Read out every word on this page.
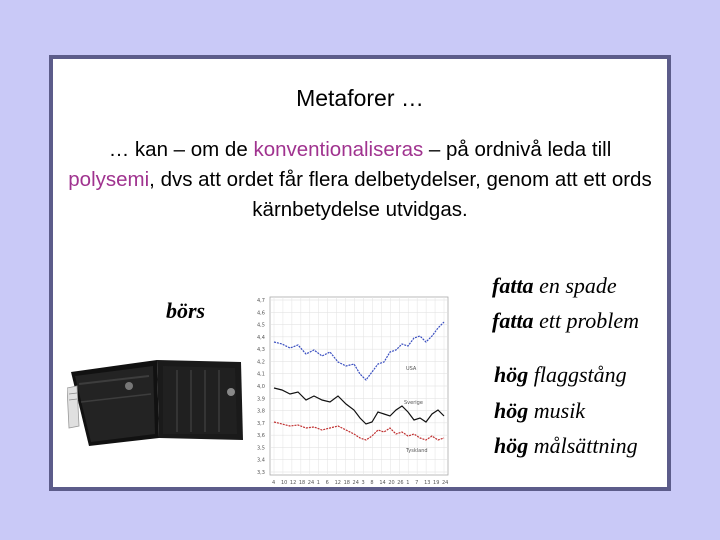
Metaforer …
… kan – om de konventionaliseras – på ordnivå leda till polysemi, dvs att ordet får flera delbetydelser, genom att ett ords kärnbetydelse utvidgas.
börs	4,7
4,6
4,5
4,4
4,3
4,2
4,1
4,0
3,9
3,8
3,7
3,6
3,5
3,4
3,3
4 10 12 18 24 1 6 12 18 24 3 8 14 20 26 1 7 13 19 24
USA
Sverige
Tyskland
fatta en spade
fatta ett problem
hög flaggstång
hög musik
hög målsättning
